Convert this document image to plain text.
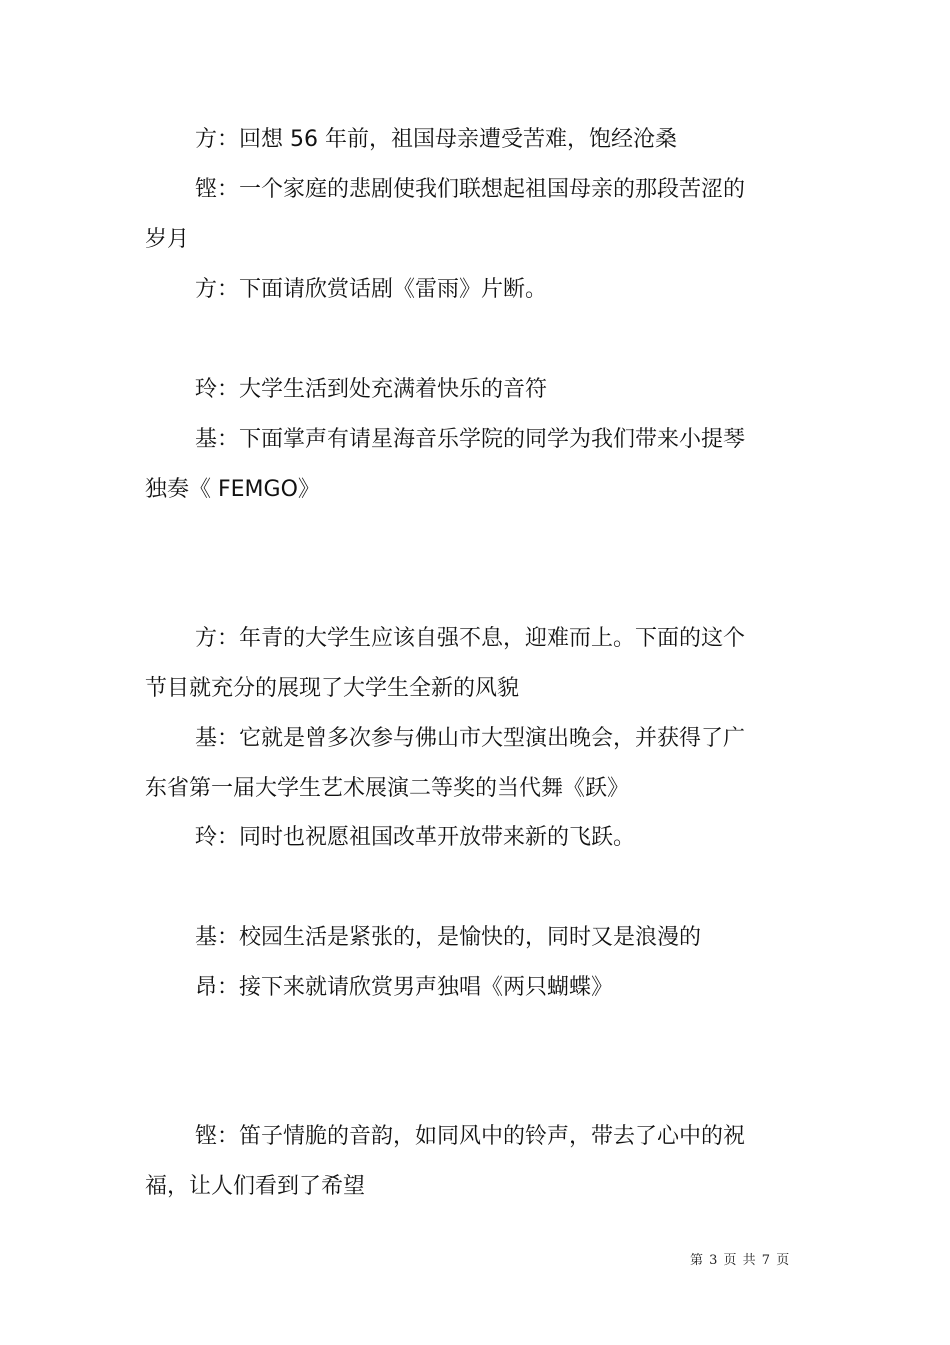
方：回想 56 年前，祖国母亲遭受苦难，饱经沧桑

铿：一个家庭的悲剧使我们联想起祖国母亲的那段苦涩的岁月

方：下面请欣赏话剧《雷雨》片断。

玲：大学生活到处充满着快乐的音符

基：下面掌声有请星海音乐学院的同学为我们带来小提琴独奏《 FEMGO》

方：年青的大学生应该自强不息，迎难而上。下面的这个节目就充分的展现了大学生全新的风貌

基：它就是曾多次参与佛山市大型演出晚会，并获得了广东省第一届大学生艺术展演二等奖的当代舞《跃》

玲：同时也祝愿祖国改革开放带来新的飞跃。

基：校园生活是紧张的，是愉快的，同时又是浪漫的

昂：接下来就请欣赏男声独唱《两只蝴蝶》

铿：笛子情脆的音韵，如同风中的铃声，带去了心中的祝福，让人们看到了希望

第 3 页 共 7 页
